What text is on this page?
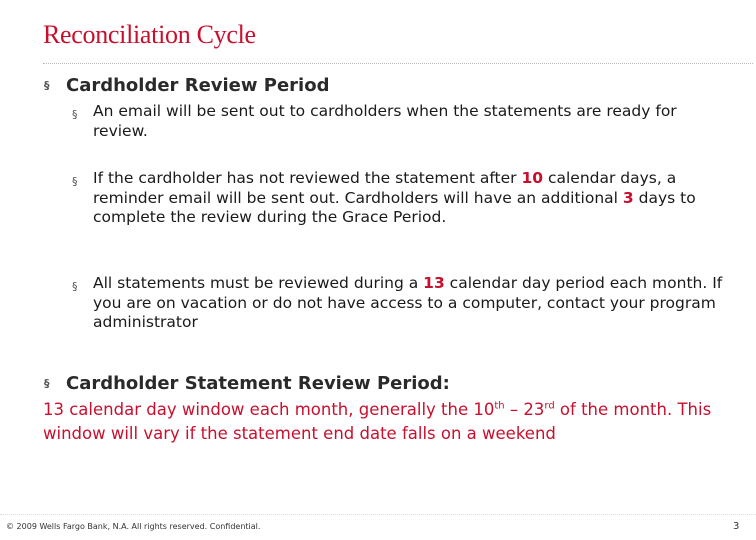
Reconciliation Cycle
§ Cardholder Review Period
§ An email will be sent out to cardholders when the statements are ready for review.
§ If the cardholder has not reviewed the statement after 10 calendar days, a reminder email will be sent out. Cardholders will have an additional 3 days to complete the review during the Grace Period.
§ All statements must be reviewed during a 13 calendar day period each month. If you are on vacation or do not have access to a computer, contact your program administrator
§ Cardholder Statement Review Period:
13 calendar day window each month, generally the 10th – 23rd of the month. This window will vary if the statement end date falls on a weekend
© 2009 Wells Fargo Bank, N.A. All rights reserved. Confidential.	3
